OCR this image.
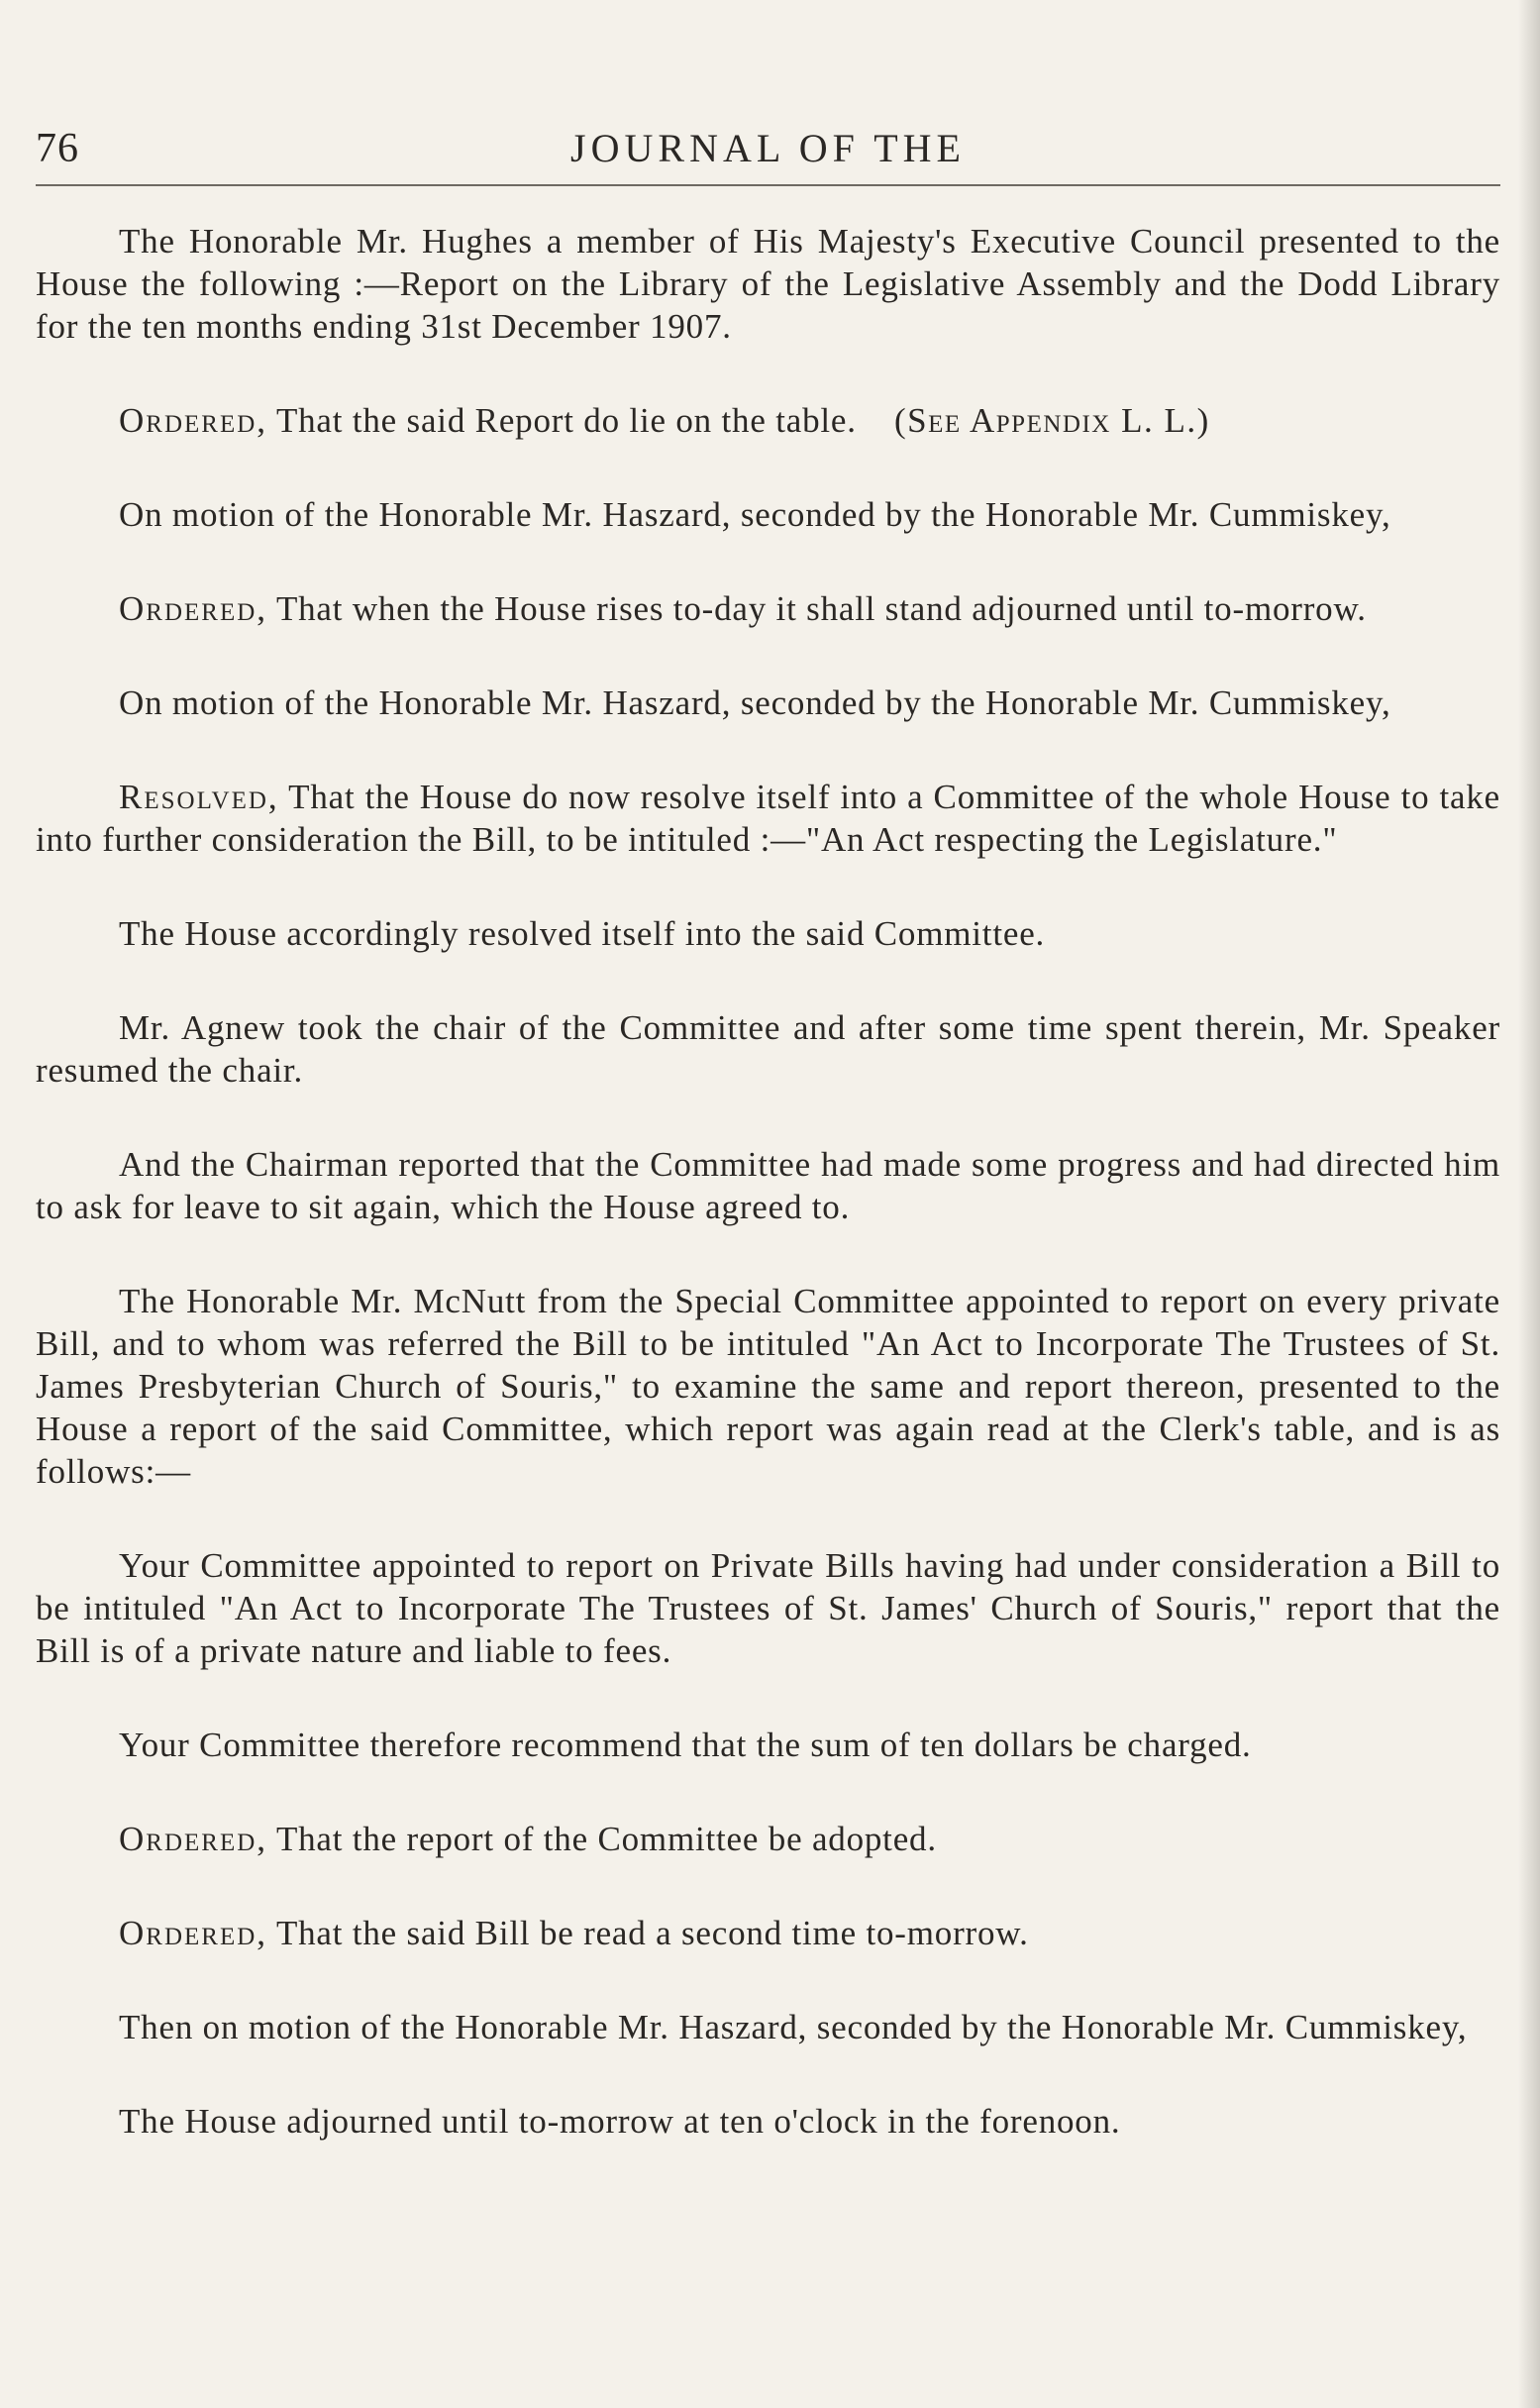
76	JOURNAL OF THE

The Honorable Mr. Hughes a member of His Majesty's Executive Council presented to the House the following :—Report on the Library of the Legislative Assembly and the Dodd Library for the ten months ending 31st December 1907.

Ordered, That the said Report do lie on the table. (See Appendix L. L.)

On motion of the Honorable Mr. Haszard, seconded by the Honorable Mr. Cummiskey,

Ordered, That when the House rises to-day it shall stand adjourned until to-morrow.

On motion of the Honorable Mr. Haszard, seconded by the Honorable Mr. Cummiskey,

Resolved, That the House do now resolve itself into a Committee of the whole House to take into further consideration the Bill, to be intituled :—"An Act respecting the Legislature."

The House accordingly resolved itself into the said Committee.

Mr. Agnew took the chair of the Committee and after some time spent therein, Mr. Speaker resumed the chair.

And the Chairman reported that the Committee had made some progress and had directed him to ask for leave to sit again, which the House agreed to.

The Honorable Mr. McNutt from the Special Committee appointed to report on every private Bill, and to whom was referred the Bill to be intituled "An Act to Incorporate The Trustees of St. James Presbyterian Church of Souris," to examine the same and report thereon, presented to the House a report of the said Committee, which report was again read at the Clerk's table, and is as follows:—

Your Committee appointed to report on Private Bills having had under consideration a Bill to be intituled "An Act to Incorporate The Trustees of St. James' Church of Souris," report that the Bill is of a private nature and liable to fees.

Your Committee therefore recommend that the sum of ten dollars be charged.

Ordered, That the report of the Committee be adopted.

Ordered, That the said Bill be read a second time to-morrow.

Then on motion of the Honorable Mr. Haszard, seconded by the Honorable Mr. Cummiskey,

The House adjourned until to-morrow at ten o'clock in the forenoon.
